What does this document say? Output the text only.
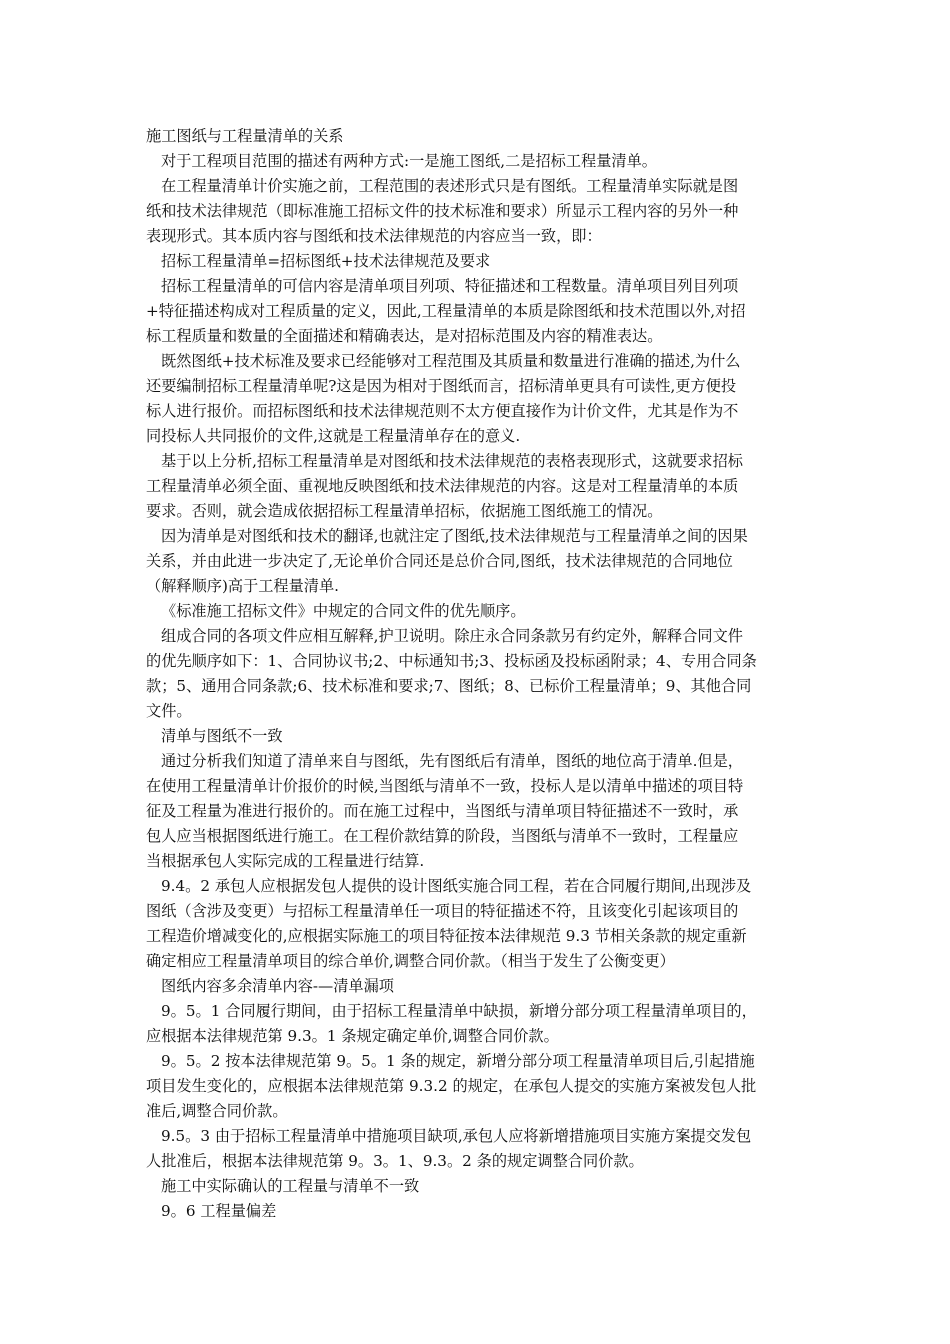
施工图纸与工程量清单的关系

对于工程项目范围的描述有两种方式:一是施工图纸,二是招标工程量清单。

在工程量清单计价实施之前，工程范围的表述形式只是有图纸。工程量清单实际就是图

纸和技术法律规范（即标准施工招标文件的技术标准和要求）所显示工程内容的另外一种

表现形式。其本质内容与图纸和技术法律规范的内容应当一致，即：

招标工程量清单=招标图纸+技术法律规范及要求

招标工程量清单的可信内容是清单项目列项、特征描述和工程数量。清单项目列目列项

+特征描述构成对工程质量的定义，因此,工程量清单的本质是除图纸和技术范围以外,对招

标工程质量和数量的全面描述和精确表达，是对招标范围及内容的精准表达。

既然图纸+技术标准及要求已经能够对工程范围及其质量和数量进行准确的描述,为什么

还要编制招标工程量清单呢?这是因为相对于图纸而言，招标清单更具有可读性,更方便投

标人进行报价。而招标图纸和技术法律规范则不太方便直接作为计价文件，尤其是作为不

同投标人共同报价的文件,这就是工程量清单存在的意义.

基于以上分析,招标工程量清单是对图纸和技术法律规范的表格表现形式，这就要求招标

工程量清单必须全面、重视地反映图纸和技术法律规范的内容。这是对工程量清单的本质

要求。否则，就会造成依据招标工程量清单招标，依据施工图纸施工的情况。

因为清单是对图纸和技术的翻译,也就注定了图纸,技术法律规范与工程量清单之间的因果

关系，并由此进一步决定了,无论单价合同还是总价合同,图纸，技术法律规范的合同地位

（解释顺序)高于工程量清单.

《标准施工招标文件》中规定的合同文件的优先顺序。

组成合同的各项文件应相互解释,护卫说明。除庄永合同条款另有约定外，解释合同文件

的优先顺序如下：1、合同协议书;2、中标通知书;3、投标函及投标函附录；4、专用合同条

款；5、通用合同条款;6、技术标准和要求;7、图纸；8、已标价工程量清单；9、其他合同

文件。

清单与图纸不一致

通过分析我们知道了清单来自与图纸，先有图纸后有清单，图纸的地位高于清单.但是，

在使用工程量清单计价报价的时候,当图纸与清单不一致，投标人是以清单中描述的项目特

征及工程量为准进行报价的。而在施工过程中，当图纸与清单项目特征描述不一致时，承

包人应当根据图纸进行施工。在工程价款结算的阶段，当图纸与清单不一致时，工程量应

当根据承包人实际完成的工程量进行结算.

9.4。2 承包人应根据发包人提供的设计图纸实施合同工程，若在合同履行期间,出现涉及

图纸（含涉及变更）与招标工程量清单任一项目的特征描述不符，且该变化引起该项目的

工程造价增减变化的,应根据实际施工的项目特征按本法律规范 9.3 节相关条款的规定重新

确定相应工程量清单项目的综合单价,调整合同价款。（相当于发生了公衡变更）

图纸内容多余清单内容-—清单漏项

9。5。1 合同履行期间，由于招标工程量清单中缺损，新增分部分项工程量清单项目的，

应根据本法律规范第 9.3。1 条规定确定单价,调整合同价款。

9。5。2 按本法律规范第 9。5。1 条的规定，新增分部分项工程量清单项目后,引起措施

项目发生变化的，应根据本法律规范第 9.3.2 的规定，在承包人提交的实施方案被发包人批

准后,调整合同价款。

9.5。3 由于招标工程量清单中措施项目缺项,承包人应将新增措施项目实施方案提交发包

人批准后，根据本法律规范第 9。3。1、9.3。2 条的规定调整合同价款。

施工中实际确认的工程量与清单不一致

9。6 工程量偏差
